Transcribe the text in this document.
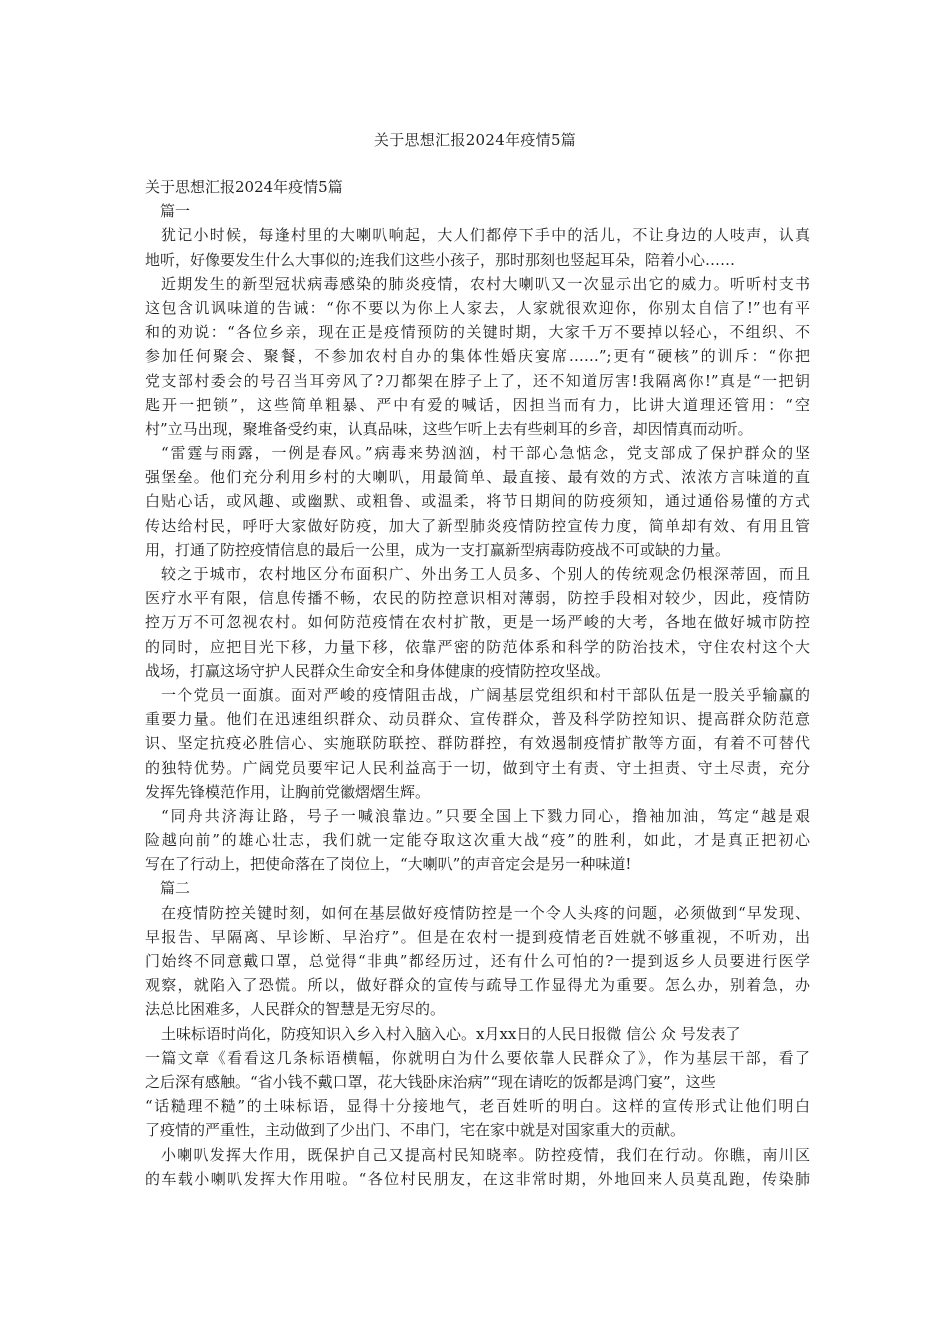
关于思想汇报2024年疫情5篇
关于思想汇报2024年疫情5篇
篇一
犹记小时候，每逢村里的大喇叭响起，大人们都停下手中的活儿，不让身边的人吱声，认真
地听，好像要发生什么大事似的;连我们这些小孩子，那时那刻也竖起耳朵，陪着小心……
近期发生的新型冠状病毒感染的肺炎疫情，农村大喇叭又一次显示出它的威力。听听村支书
这包含讥讽味道的告诫：“你不要以为你上人家去，人家就很欢迎你，你别太自信了!”也有平
和的劝说：“各位乡亲，现在正是疫情预防的关键时期，大家千万不要掉以轻心，不组织、不
参加任何聚会、聚餐，不参加农村自办的集体性婚庆宴席……”;更有“硬核”的训斥：“你把
党支部村委会的号召当耳旁风了?刀都架在脖子上了，还不知道厉害!我隔离你!”真是“一把钥
匙开一把锁”，这些简单粗暴、严中有爱的喊话，因担当而有力，比讲大道理还管用：“空
村”立马出现，聚堆备受约束，认真品味，这些乍听上去有些刺耳的乡音，却因情真而动听。
“雷霆与雨露，一例是春风。”病毒来势汹汹，村干部心急惦念，党支部成了保护群众的坚
强堡垒。他们充分利用乡村的大喇叭，用最简单、最直接、最有效的方式、浓浓方言味道的直
白贴心话，或风趣、或幽默、或粗鲁、或温柔，将节日期间的防疫须知，通过通俗易懂的方式
传达给村民，呼吁大家做好防疫，加大了新型肺炎疫情防控宣传力度，简单却有效、有用且管
用，打通了防控疫情信息的最后一公里，成为一支打赢新型病毒防疫战不可或缺的力量。
较之于城市，农村地区分布面积广、外出务工人员多、个别人的传统观念仍根深蒂固，而且
医疗水平有限，信息传播不畅，农民的防控意识相对薄弱，防控手段相对较少，因此，疫情防
控万万不可忽视农村。如何防范疫情在农村扩散，更是一场严峻的大考，各地在做好城市防控
的同时，应把目光下移，力量下移，依靠严密的防范体系和科学的防治技术，守住农村这个大
战场，打赢这场守护人民群众生命安全和身体健康的疫情防控攻坚战。
一个党员一面旗。面对严峻的疫情阻击战，广阔基层党组织和村干部队伍是一股关乎输赢的
重要力量。他们在迅速组织群众、动员群众、宣传群众，普及科学防控知识、提高群众防范意
识、坚定抗疫必胜信心、实施联防联控、群防群控，有效遏制疫情扩散等方面，有着不可替代
的独特优势。广阔党员要牢记人民利益高于一切，做到守土有责、守土担责、守土尽责，充分
发挥先锋模范作用，让胸前党徽熠熠生辉。
“同舟共济海让路，号子一喊浪靠边。”只要全国上下戮力同心，撸袖加油，笃定“越是艰
险越向前”的雄心壮志，我们就一定能夺取这次重大战“疫”的胜利，如此，才是真正把初心
写在了行动上，把使命落在了岗位上，“大喇叭”的声音定会是另一种味道!
篇二
在疫情防控关键时刻，如何在基层做好疫情防控是一个令人头疼的问题，必须做到“早发现、
早报告、早隔离、早诊断、早治疗”。但是在农村一提到疫情老百姓就不够重视，不听劝，出
门始终不同意戴口罩，总觉得“非典”都经历过，还有什么可怕的?一提到返乡人员要进行医学
观察，就陷入了恐慌。所以，做好群众的宣传与疏导工作显得尤为重要。怎么办，别着急，办
法总比困难多，人民群众的智慧是无穷尽的。
土味标语时尚化，防疫知识入乡入村入脑入心。x月xx日的人民日报微 信公 众 号发表了
一篇文章《看看这几条标语横幅，你就明白为什么要依靠人民群众了》，作为基层干部，看了
之后深有感触。“省小钱不戴口罩，花大钱卧床治病”“现在请吃的饭都是鸿门宴”，这些
“话糙理不糙”的土味标语，显得十分接地气，老百姓听的明白。这样的宣传形式让他们明白
了疫情的严重性，主动做到了少出门、不串门，宅在家中就是对国家重大的贡献。
小喇叭发挥大作用，既保护自己又提高村民知晓率。防控疫情，我们在行动。你瞧，南川区
的车载小喇叭发挥大作用啦。“各位村民朋友，在这非常时期，外地回来人员莫乱跑，传染肺
